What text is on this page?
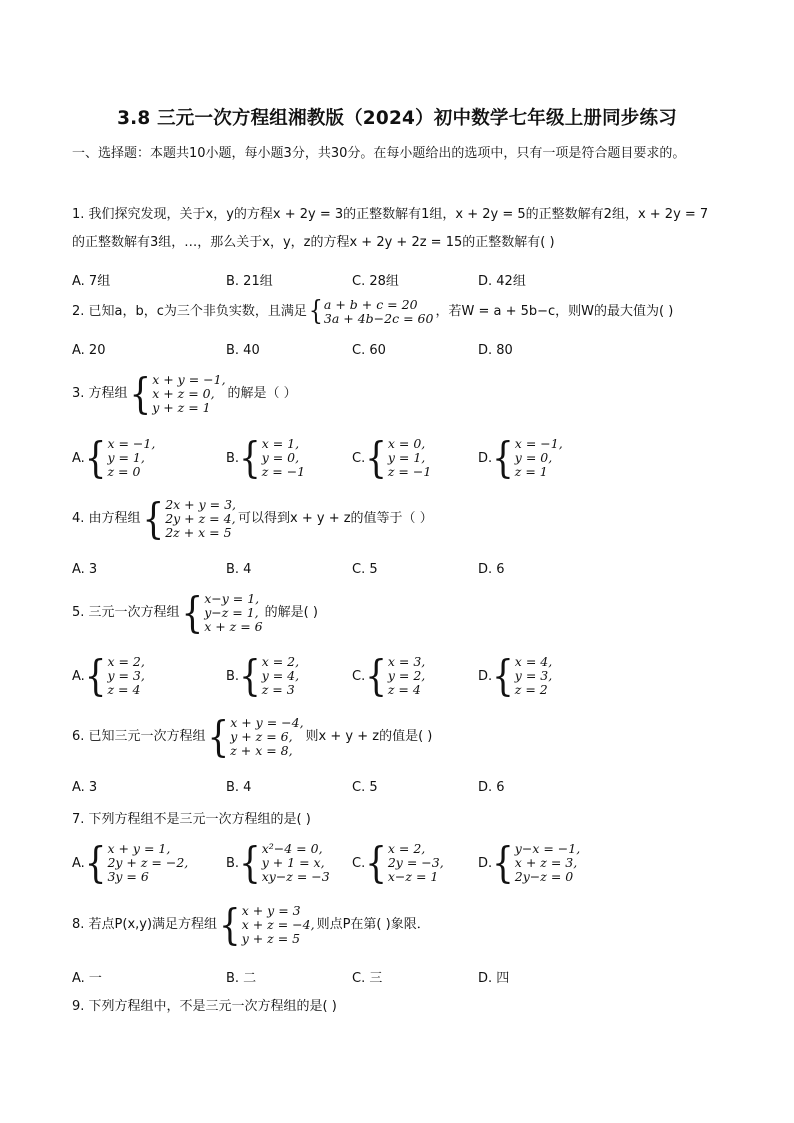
3.8 三元一次方程组湘教版（2024）初中数学七年级上册同步练习
一、选择题：本题共10小题，每小题3分，共30分。在每小题给出的选项中，只有一项是符合题目要求的。
1. 我们探究发现，关于x，y的方程x + 2y = 3的正整数解有1组，x + 2y = 5的正整数解有2组，x + 2y = 7
的正整数解有3组，…，那么关于x，y，z的方程x + 2y + 2z = 15的正整数解有( )
A. 7组	B. 21组	C. 28组	D. 42组
2. 已知a，b，c为三个非负实数，且满足 { a + b + c = 20
3a + 4b−2c = 60 ，若W = a + 5b−c，则W的最大值为( )
A. 20	B. 40	C. 60	D. 80
3. 方程组 { x + y = −1,
x + z = 0,
y + z = 1
的解是（ ）
A. { x = −1,
y = 1,
z = 0
B. { x = 1,
y = 0,
z = −1
C. { x = 0,
y = 1,
z = −1
D. { x = −1,
y = 0,
z = 1
4. 由方程组 { 2x + y = 3,
2y + z = 4,
2z + x = 5
可以得到x + y + z的值等于（ ）
A. 3	B. 4	C. 5	D. 6
5. 三元一次方程组 { x−y = 1,
y−z = 1,
x + z = 6
的解是( )
A. { x = 2,
y = 3,
z = 4
B. { x = 2,
y = 4,
z = 3
C. { x = 3,
y = 2,
z = 4
D. { x = 4,
y = 3,
z = 2
6. 已知三元一次方程组 { x + y = −4,
y + z = 6,
z + x = 8,
则x + y + z的值是( )
A. 3	B. 4	C. 5	D. 6
7. 下列方程组不是三元一次方程组的是( )
A. { x + y = 1,
2y + z = −2,
3y = 6
B. { x²−4 = 0,
y + 1 = x,
xy−z = −3
C. { x = 2,
2y = −3,
x−z = 1
D. { y−x = −1,
x + z = 3,
2y−z = 0
8. 若点P(x,y)满足方程组 { x + y = 3
x + z = −4,
y + z = 5
则点P在第( )象限．
A. 一	B. 二	C. 三	D. 四
9. 下列方程组中，不是三元一次方程组的是( )
